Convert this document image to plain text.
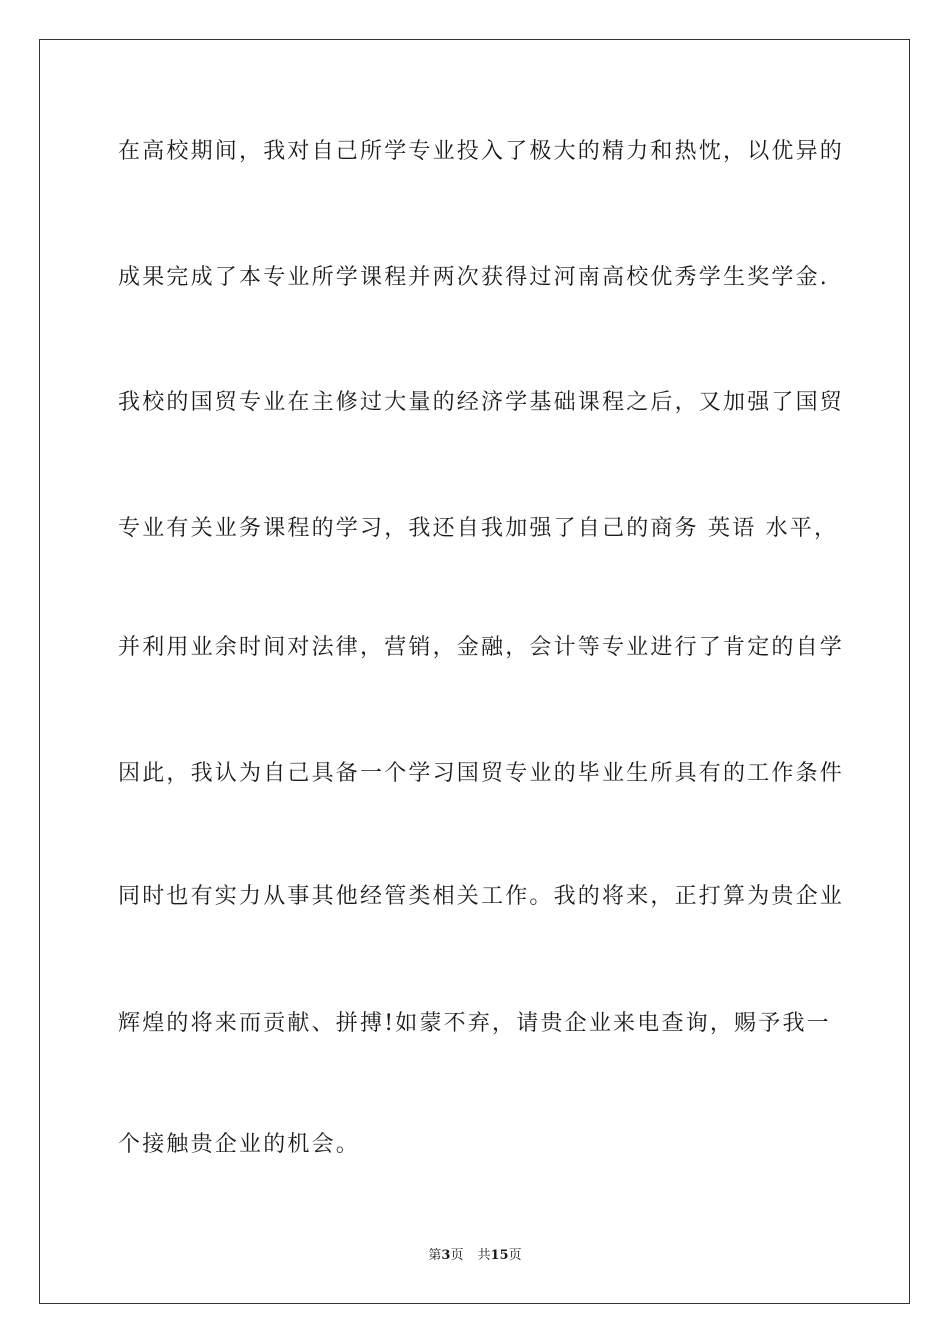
在高校期间，我对自己所学专业投入了极大的精力和热忱，以优异的
成果完成了本专业所学课程并两次获得过河南高校优秀学生奖学金.
我校的国贸专业在主修过大量的经济学基础课程之后，又加强了国贸
专业有关业务课程的学习，我还自我加强了自己的商务 英语 水平，
并利用业余时间对法律，营销，金融，会计等专业进行了肯定的自学
因此，我认为自己具备一个学习国贸专业的毕业生所具有的工作条件
同时也有实力从事其他经管类相关工作。我的将来，正打算为贵企业
辉煌的将来而贡献、拼搏!如蒙不弃，请贵企业来电查询，赐予我一
个接触贵企业的机会。
第3页 共15页
